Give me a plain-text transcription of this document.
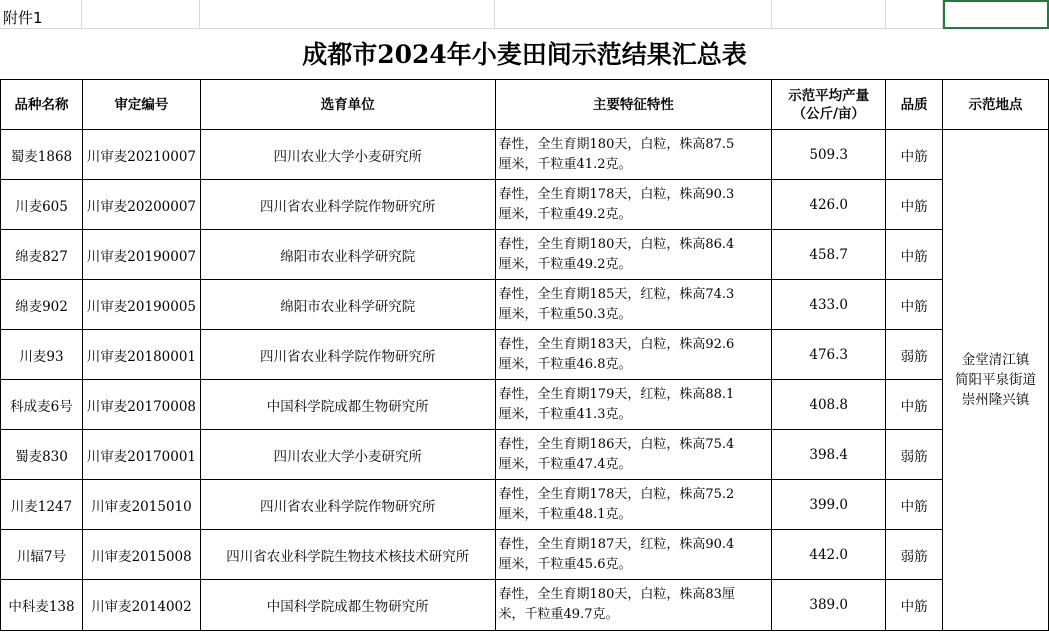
附件1
成都市2024年小麦田间示范结果汇总表
品种名称	审定编号	选育单位	主要特征特性	示范平均产量
（公斤/亩）	品质	示范地点
蜀麦1868	川审麦20210007	四川农业大学小麦研究所	春性，全生育期180天，白粒，株高87.5
厘米，千粒重41.2克。	509.3	中筋	金堂清江镇
简阳平泉街道
崇州隆兴镇
川麦605	川审麦20200007	四川省农业科学院作物研究所	春性，全生育期178天，白粒，株高90.3
厘米，千粒重49.2克。	426.0	中筋	
绵麦827	川审麦20190007	绵阳市农业科学研究院	春性，全生育期180天，白粒，株高86.4
厘米，千粒重49.2克。	458.7	中筋	
绵麦902	川审麦20190005	绵阳市农业科学研究院	春性，全生育期185天，红粒，株高74.3
厘米，千粒重50.3克。	433.0	中筋	
川麦93	川审麦20180001	四川省农业科学院作物研究所	春性，全生育期183天，白粒，株高92.6
厘米，千粒重46.8克。	476.3	弱筋	
科成麦6号	川审麦20170008	中国科学院成都生物研究所	春性，全生育期179天，红粒，株高88.1
厘米，千粒重41.3克。	408.8	中筋	
蜀麦830	川审麦20170001	四川农业大学小麦研究所	春性，全生育期186天，白粒，株高75.4
厘米，千粒重47.4克。	398.4	弱筋	
川麦1247	川审麦2015010	四川省农业科学院作物研究所	春性，全生育期178天，白粒，株高75.2
厘米，千粒重48.1克。	399.0	中筋	
川辐7号	川审麦2015008	四川省农业科学院生物技术核技术研究所	春性，全生育期187天，红粒，株高90.4
厘米，千粒重45.6克。	442.0	弱筋	
中科麦138	川审麦2014002	中国科学院成都生物研究所	春性，全生育期180天，白粒，株高83厘
米，千粒重49.7克。	389.0	中筋	
